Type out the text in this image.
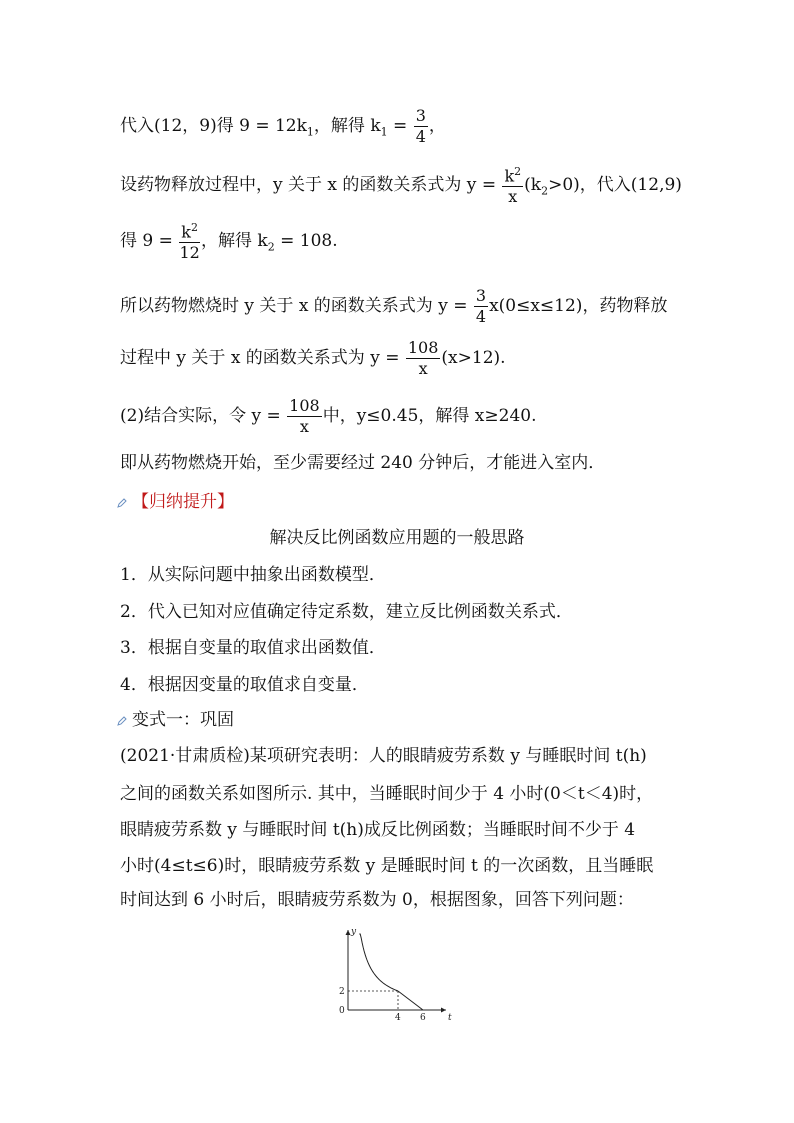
代入(12，9)得 $9 = 12k_1$，解得 $k_1 = \frac{3}{4}$ ，
设药物释放过程中，y 关于 x 的函数关系式为 $y = \frac{k^2}{x} (k_2>0)$，代入(12,9)
得 $9 = \frac{k^2}{12}$ ，解得 $k_2 = 108$.
所以药物燃烧时 y 关于 x 的函数关系式为 $y = \frac{3}{4} x(0\le x\le 12)$，药物释放
过程中 y 关于 x 的函数关系式为 $y = \frac{108}{x} (x>12)$.
(2)结合实际，令 $y = \frac{108}{x}$ 中，y≤0.45，解得 x≥240.
即从药物燃烧开始，至少需要经过 240 分钟后，才能进入室内．
【归纳提升】
解决反比例函数应用题的一般思路
1．从实际问题中抽象出函数模型．
2．代入已知对应值确定待定系数，建立反比例函数关系式．
3．根据自变量的取值求出函数值．
4．根据因变量的取值求自变量．
变式一：巩固
(2021·甘肃质检)某项研究表明：人的眼睛疲劳系数 y 与睡眠时间 t(h)
之间的函数关系如图所示. 其中，当睡眠时间少于 4 小时(0＜t＜4)时，
眼睛疲劳系数 y 与睡眠时间 t(h)成反比例函数；当睡眠时间不少于 4
小时(4≤t≤6)时，眼睛疲劳系数 y 是睡眠时间 t 的一次函数，且当睡眠
时间达到 6 小时后，眼睛疲劳系数为 0，根据图象，回答下列问题：
0
4 6
2
t
y
